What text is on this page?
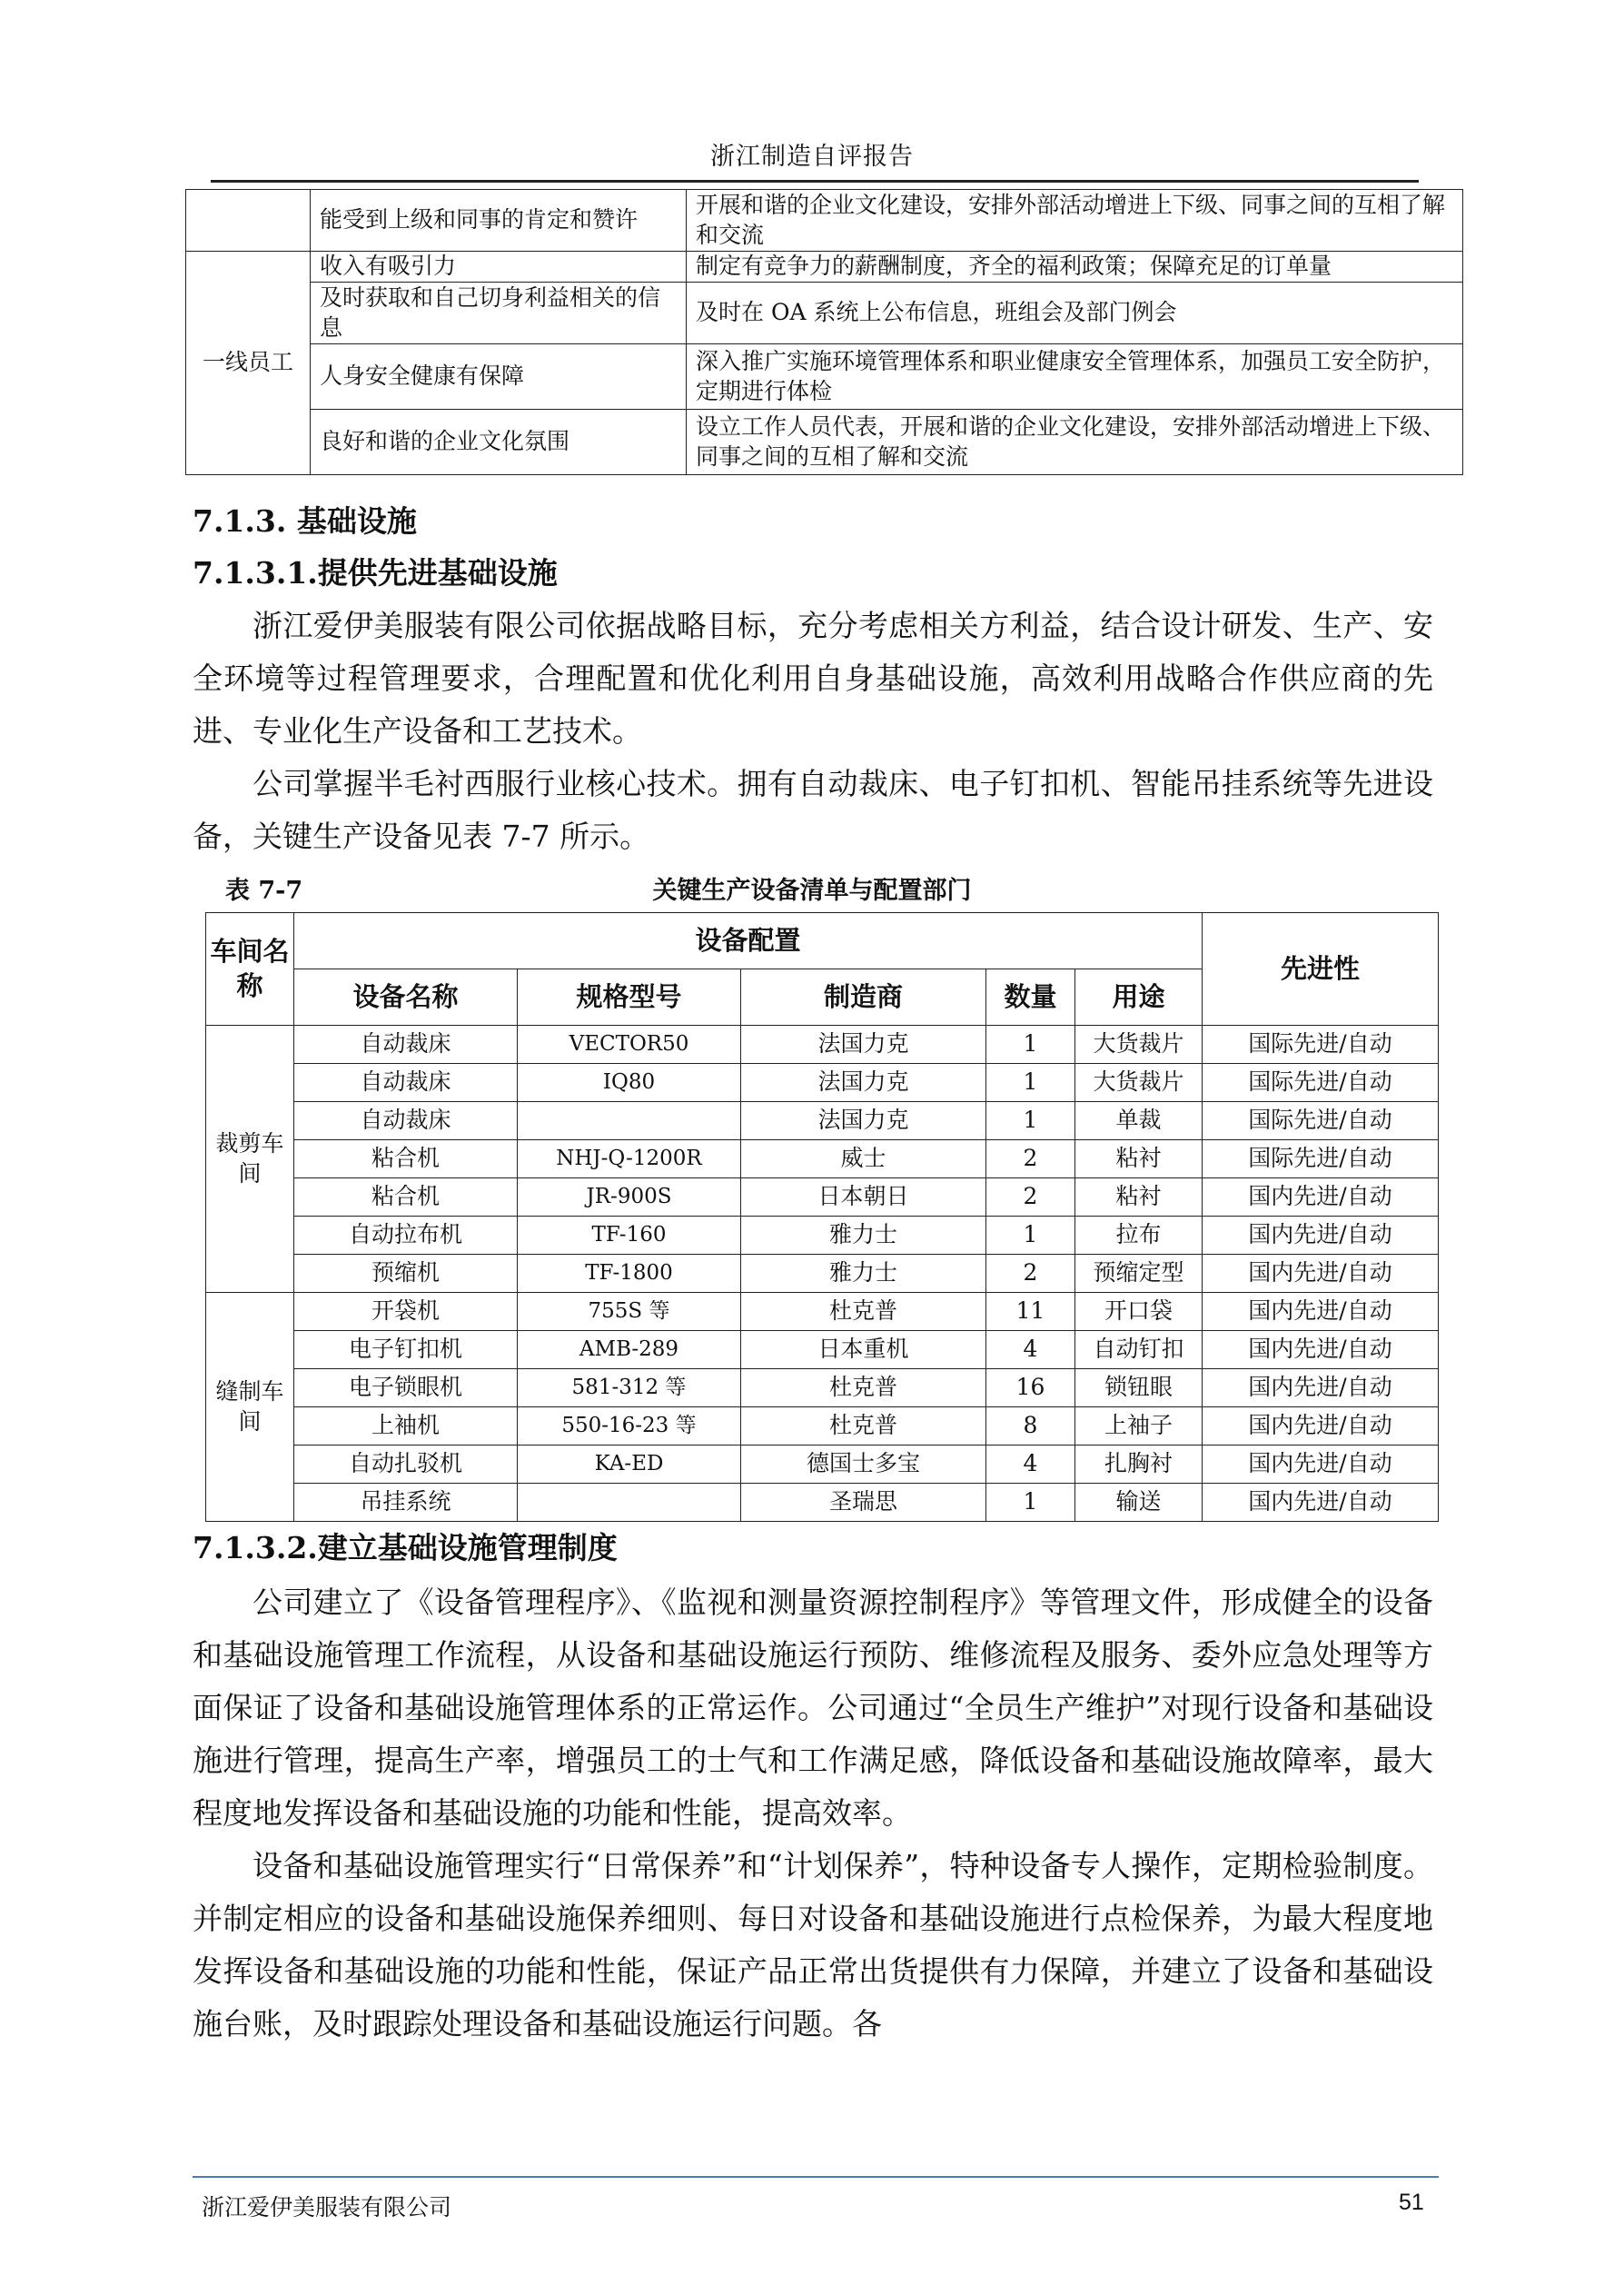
浙江制造自评报告
	能受到上级和同事的肯定和赞许	开展和谐的企业文化建设，安排外部活动增进上下级、同事之间的互相了解和交流
一线员工	收入有吸引力	制定有竞争力的薪酬制度，齐全的福利政策；保障充足的订单量
	及时获取和自己切身利益相关的信息	及时在 OA 系统上公布信息，班组会及部门例会
	人身安全健康有保障	深入推广实施环境管理体系和职业健康安全管理体系，加强员工安全防护，定期进行体检
	良好和谐的企业文化氛围	设立工作人员代表，开展和谐的企业文化建设，安排外部活动增进上下级、同事之间的互相了解和交流
7.1.3. 基础设施
7.1.3.1.提供先进基础设施

浙江爱伊美服装有限公司依据战略目标，充分考虑相关方利益，结合设计研发、生产、安全环境等过程管理要求，合理配置和优化利用自身基础设施，高效利用战略合作供应商的先进、专业化生产设备和工艺技术。

公司掌握半毛衬西服行业核心技术。拥有自动裁床、电子钉扣机、智能吊挂系统等先进设备，关键生产设备见表 7-7 所示。

表 7-7	关键生产设备清单与配置部门
车间名称	设备配置					先进性
	设备名称	规格型号	制造商	数量	用途	
裁剪车间	自动裁床	VECTOR50	法国力克	1	大货裁片	国际先进/自动
	自动裁床	IQ80	法国力克	1	大货裁片	国际先进/自动
	自动裁床		法国力克	1	单裁	国际先进/自动
	粘合机	NHJ-Q-1200R	威士	2	粘衬	国际先进/自动
	粘合机	JR-900S	日本朝日	2	粘衬	国内先进/自动
	自动拉布机	TF-160	雅力士	1	拉布	国内先进/自动
	预缩机	TF-1800	雅力士	2	预缩定型	国内先进/自动
缝制车间	开袋机	755S 等	杜克普	11	开口袋	国内先进/自动
	电子钉扣机	AMB-289	日本重机	4	自动钉扣	国内先进/自动
	电子锁眼机	581-312 等	杜克普	16	锁钮眼	国内先进/自动
	上袖机	550-16-23 等	杜克普	8	上袖子	国内先进/自动
	自动扎驳机	KA-ED	德国士多宝	4	扎胸衬	国内先进/自动
	吊挂系统		圣瑞思	1	输送	国内先进/自动
7.1.3.2.建立基础设施管理制度

公司建立了《设备管理程序》、《监视和测量资源控制程序》等管理文件，形成健全的设备和基础设施管理工作流程，从设备和基础设施运行预防、维修流程及服务、委外应急处理等方面保证了设备和基础设施管理体系的正常运作。公司通过“全员生产维护”对现行设备和基础设施进行管理，提高生产率，增强员工的士气和工作满足感，降低设备和基础设施故障率，最大程度地发挥设备和基础设施的功能和性能，提高效率。

设备和基础设施管理实行“日常保养”和“计划保养”，特种设备专人操作，定期检验制度。并制定相应的设备和基础设施保养细则、每日对设备和基础设施进行点检保养，为最大程度地发挥设备和基础设施的功能和性能，保证产品正常出货提供有力保障，并建立了设备和基础设施台账，及时跟踪处理设备和基础设施运行问题。各

浙江爱伊美服装有限公司	51
